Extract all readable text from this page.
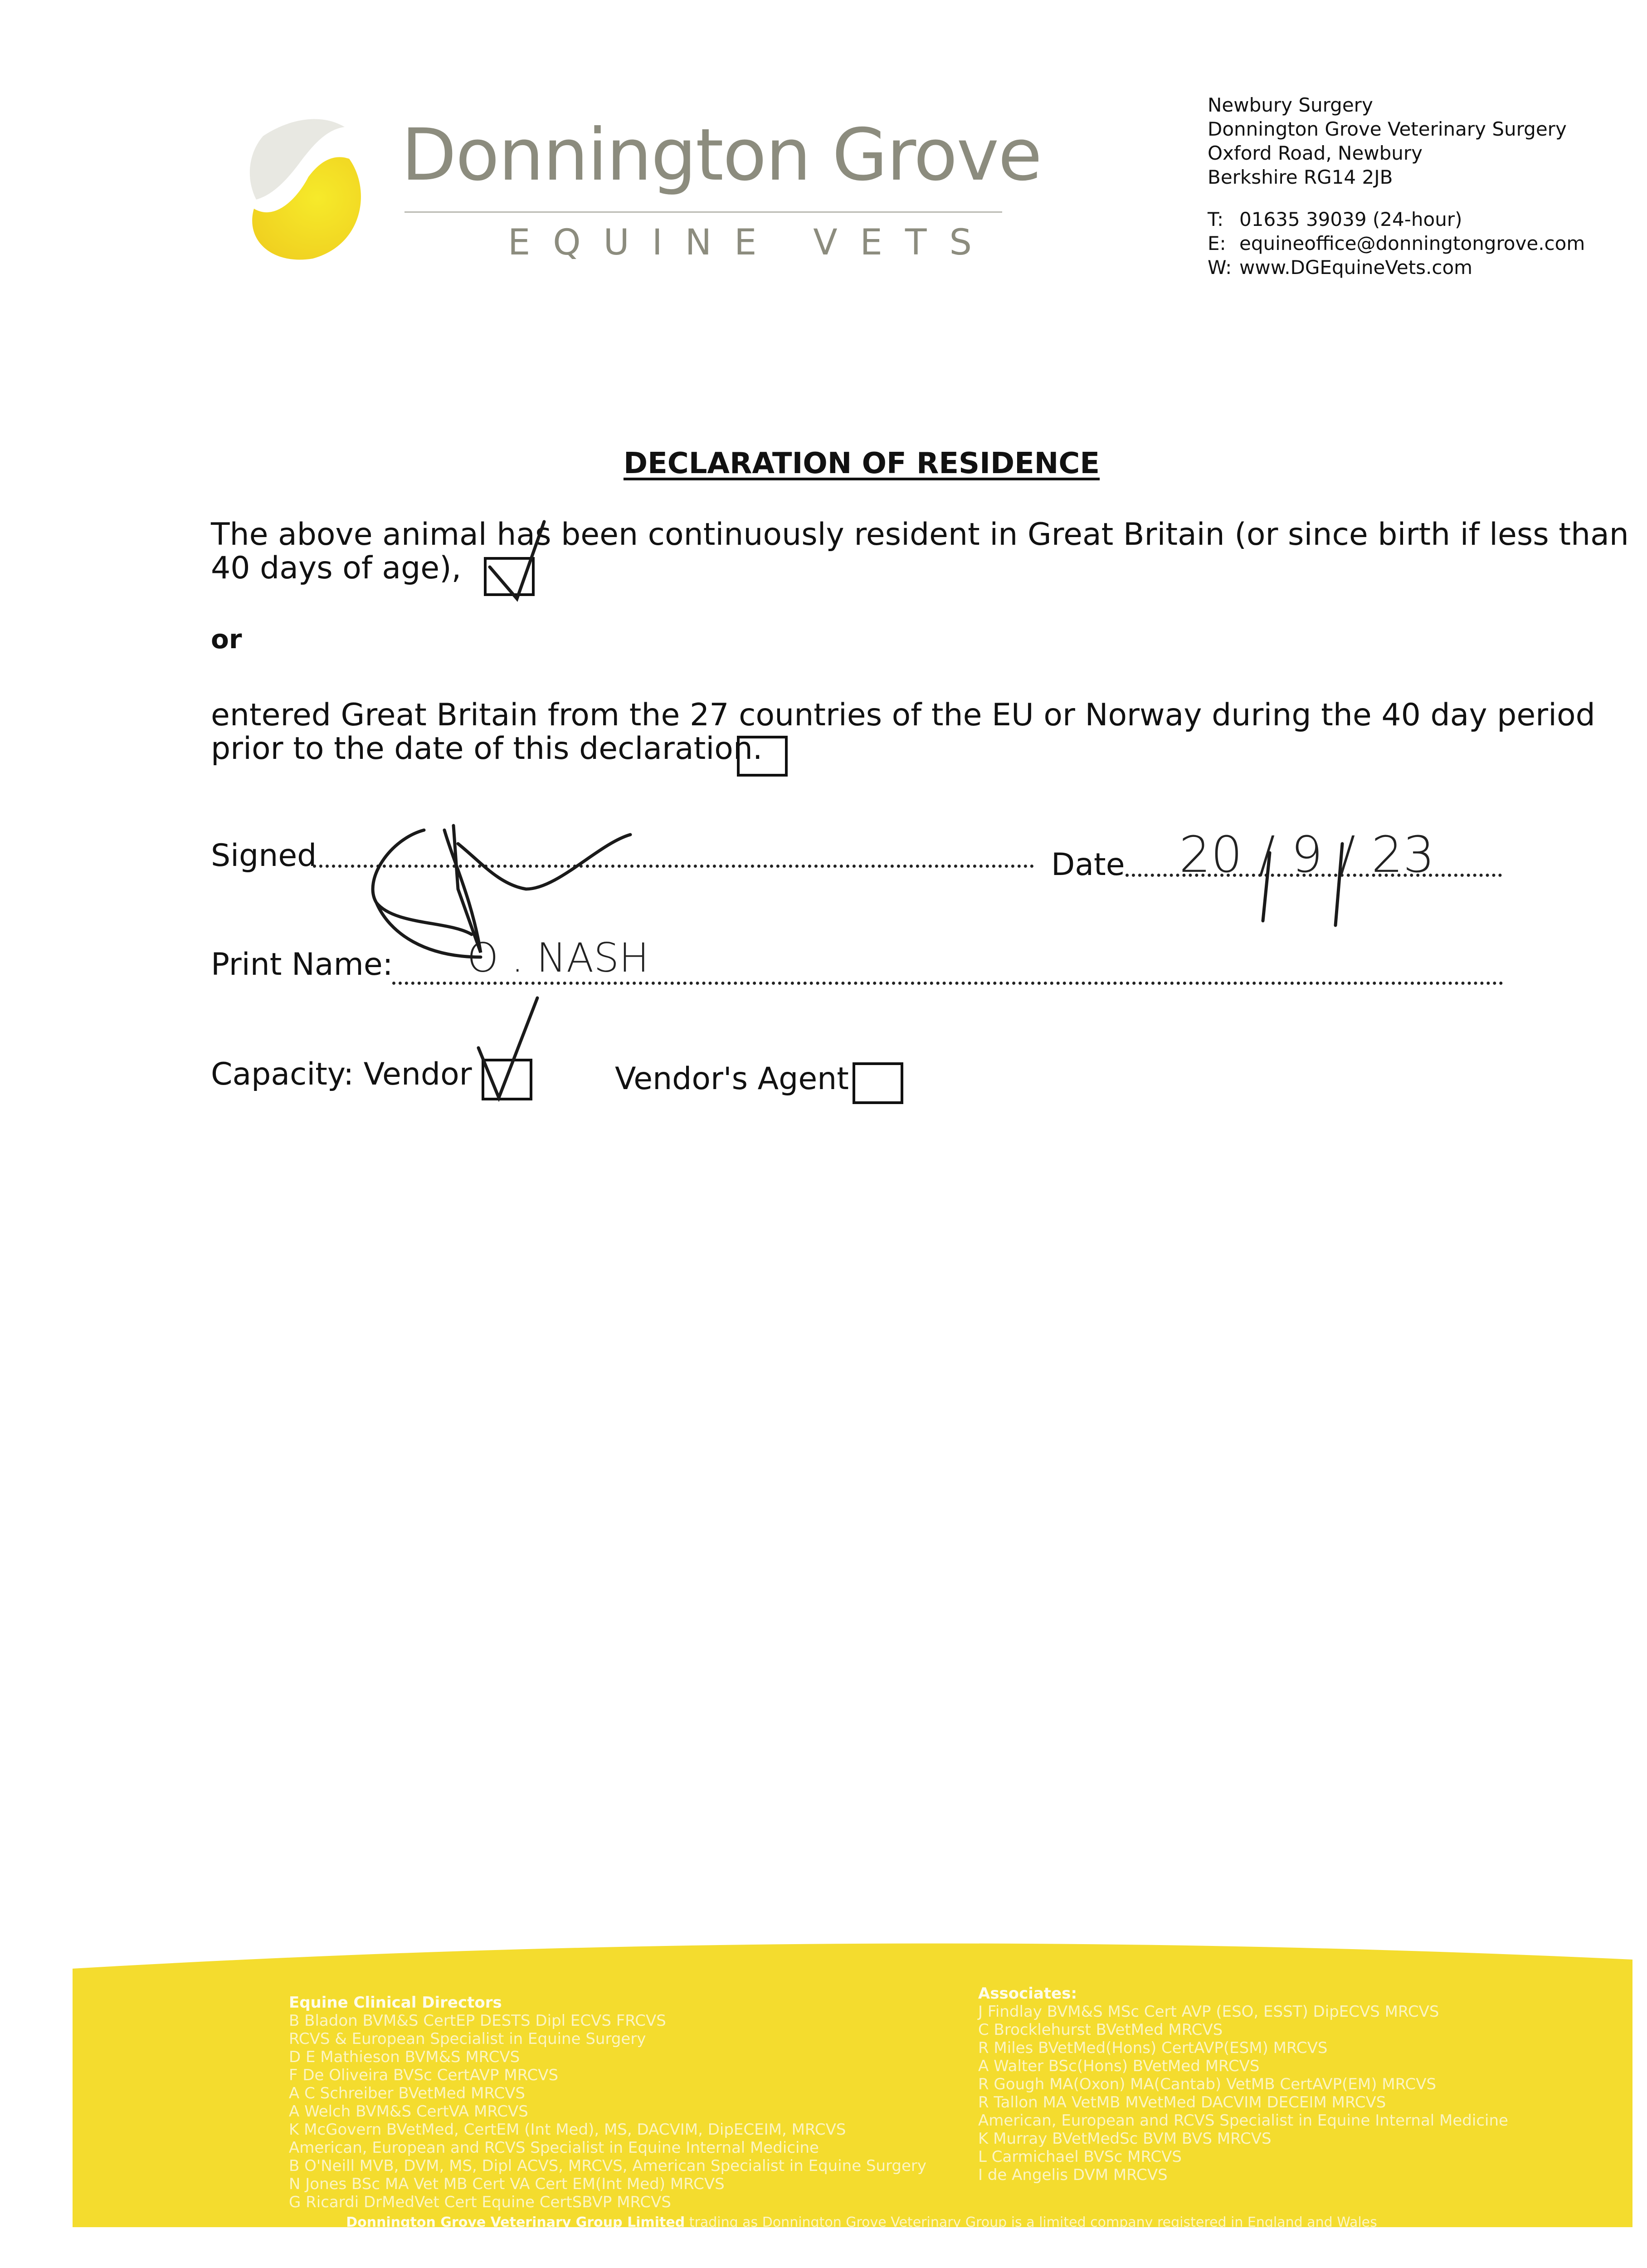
Donnington Grove
EQUINE VETS
Newbury Surgery
Donnington Grove Veterinary Surgery
Oxford Road, Newbury
Berkshire RG14 2JB
T: 01635 39039 (24-hour)
E: equineoffice@donningtongrove.com
W: www.DGEquineVets.com
DECLARATION OF RESIDENCE
The above animal has been continuously resident in Great Britain (or since birth if less than
40 days of age),
or
entered Great Britain from the 27 countries of the EU or Norway during the 40 day period
prior to the date of this declaration.
Signed	Date 20 / 9 / 23
Print Name: O . NASH
Capacity: Vendor	Vendor's Agent
Equine Clinical Directors
B Bladon BVM&S CertEP DESTS Dipl ECVS FRCVS
RCVS & European Specialist in Equine Surgery
D E Mathieson BVM&S MRCVS
F De Oliveira BVSc CertAVP MRCVS
A C Schreiber BVetMed MRCVS
A Welch BVM&S CertVA MRCVS
K McGovern BVetMed, CertEM (Int Med), MS, DACVIM, DipECEIM, MRCVS
American, European and RCVS Specialist in Equine Internal Medicine
B O'Neill MVB, DVM, MS, Dipl ACVS, MRCVS, American Specialist in Equine Surgery
N Jones BSc MA Vet MB Cert VA Cert EM(Int Med) MRCVS
G Ricardi DrMedVet Cert Equine CertSBVP MRCVS
Associates:
J Findlay BVM&S MSc Cert AVP (ESO, ESST) DipECVS MRCVS
C Brocklehurst BVetMed MRCVS
R Miles BVetMed(Hons) CertAVP(ESM) MRCVS
A Walter BSc(Hons) BVetMed MRCVS
R Gough MA(Oxon) MA(Cantab) VetMB CertAVP(EM) MRCVS
R Tallon MA VetMB MVetMed DACVIM DECEIM MRCVS
American, European and RCVS Specialist in Equine Internal Medicine
K Murray BVetMedSc BVM BVS MRCVS
L Carmichael BVSc MRCVS
I de Angelis DVM MRCVS
Donnington Grove Veterinary Group Limited trading as Donnington Grove Veterinary Group is a limited company registered in England and Wales
